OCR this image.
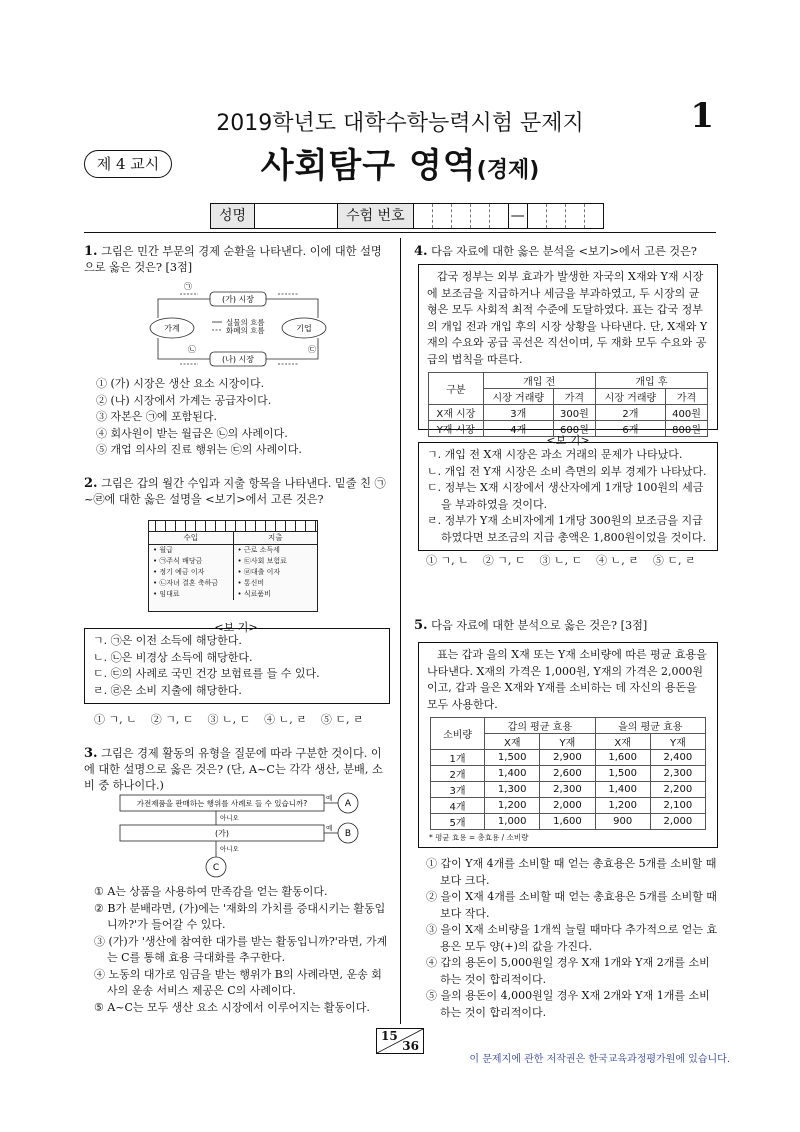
2019학년도 대학수학능력시험 문제지	1
제 4 교시	사회탐구 영역(경제)
성명	수험 번호	—
1. 그림은 민간 부문의 경제 순환을 나타낸다. 이에 대한 설명으로 옳은 것은? [3점]
(가) 시장
(나) 시장
가계	기업
실물의 흐름
화폐의 흐름
㉠
㉡	㉢
① (가) 시장은 생산 요소 시장이다.
② (나) 시장에서 가계는 공급자이다.
③ 자본은 ㉠에 포함된다.
④ 회사원이 받는 월급은 ㉡의 사례이다.
⑤ 개업 의사의 진료 행위는 ㉢의 사례이다.
2. 그림은 갑의 월간 수입과 지출 항목을 나타낸다. 밑줄 친 ㉠~㉣에 대한 옳은 설명을 <보기>에서 고른 것은?
수입	지출
• 월급
• ㉠주식 배당금
• 정기 예금 이자
• ㉡자녀 결혼 축하금
• 임대료
• 근로 소득세
• ㉢사회 보험료
• ㉣대출 이자
• 통신비
• 식료품비
<보 기>
ㄱ. ㉠은 이전 소득에 해당한다.
ㄴ. ㉡은 비경상 소득에 해당한다.
ㄷ. ㉢의 사례로 국민 건강 보험료를 들 수 있다.
ㄹ. ㉣은 소비 지출에 해당한다.
① ㄱ, ㄴ    ② ㄱ, ㄷ    ③ ㄴ, ㄷ    ④ ㄴ, ㄹ    ⑤ ㄷ, ㄹ
3. 그림은 경제 활동의 유형을 질문에 따라 구분한 것이다. 이에 대한 설명으로 옳은 것은? (단, A~C는 각각 생산, 분배, 소비 중 하나이다.)
가전제품을 판매하는 행위를 사례로 들 수 있습니까?
(가)
예
예
아니오
아니오
A
B
C
① A는 상품을 사용하여 만족감을 얻는 활동이다.
② B가 분배라면, (가)에는 '재화의 가치를 증대시키는 활동입니까?'가 들어갈 수 있다.
③ (가)가 '생산에 참여한 대가를 받는 활동입니까?'라면, 가계는 C를 통해 효용 극대화를 추구한다.
④ 노동의 대가로 임금을 받는 행위가 B의 사례라면, 운송 회사의 운송 서비스 제공은 C의 사례이다.
⑤ A~C는 모두 생산 요소 시장에서 이루어지는 활동이다.
4. 다음 자료에 대한 옳은 분석을 <보기>에서 고른 것은?
갑국 정부는 외부 효과가 발생한 자국의 X재와 Y재 시장에 보조금을 지급하거나 세금을 부과하였고, 두 시장의 균형은 모두 사회적 최적 수준에 도달하였다. 표는 갑국 정부의 개입 전과 개입 후의 시장 상황을 나타낸다. 단, X재와 Y재의 수요와 공급 곡선은 직선이며, 두 재화 모두 수요와 공급의 법칙을 따른다.
구분	개입 전		개입 후	
	시장 거래량	가격	시장 거래량	가격
X재 시장	3개	300원	2개	400원
Y재 시장	4개	600원	6개	800원
<보 기>
ㄱ. 개입 전 X재 시장은 과소 거래의 문제가 나타났다.
ㄴ. 개입 전 Y재 시장은 소비 측면의 외부 경제가 나타났다.
ㄷ. 정부는 X재 시장에서 생산자에게 1개당 100원의 세금을 부과하였을 것이다.
ㄹ. 정부가 Y재 소비자에게 1개당 300원의 보조금을 지급하였다면 보조금의 지급 총액은 1,800원이었을 것이다.
① ㄱ, ㄴ    ② ㄱ, ㄷ    ③ ㄴ, ㄷ    ④ ㄴ, ㄹ    ⑤ ㄷ, ㄹ
5. 다음 자료에 대한 분석으로 옳은 것은? [3점]
표는 갑과 을의 X재 또는 Y재 소비량에 따른 평균 효용을 나타낸다. X재의 가격은 1,000원, Y재의 가격은 2,000원이고, 갑과 을은 X재와 Y재를 소비하는 데 자신의 용돈을 모두 사용한다.
소비량	갑의 평균 효용		을의 평균 효용	
	X재	Y재	X재	Y재
1개	1,500	2,900	1,600	2,400
2개	1,400	2,600	1,500	2,300
3개	1,300	2,300	1,400	2,200
4개	1,200	2,000	1,200	2,100
5개	1,000	1,600	900	2,000
* 평균 효용 = 총효용 / 소비량
① 갑이 Y재 4개를 소비할 때 얻는 총효용은 5개를 소비할 때보다 크다.
② 을이 X재 4개를 소비할 때 얻는 총효용은 5개를 소비할 때보다 작다.
③ 을이 X재 소비량을 1개씩 늘릴 때마다 추가적으로 얻는 효용은 모두 양(+)의 값을 가진다.
④ 갑의 용돈이 5,000원일 경우 X재 1개와 Y재 2개를 소비하는 것이 합리적이다.
⑤ 을의 용돈이 4,000원일 경우 X재 2개와 Y재 1개를 소비하는 것이 합리적이다.
15
36
이 문제지에 관한 저작권은 한국교육과정평가원에 있습니다.
